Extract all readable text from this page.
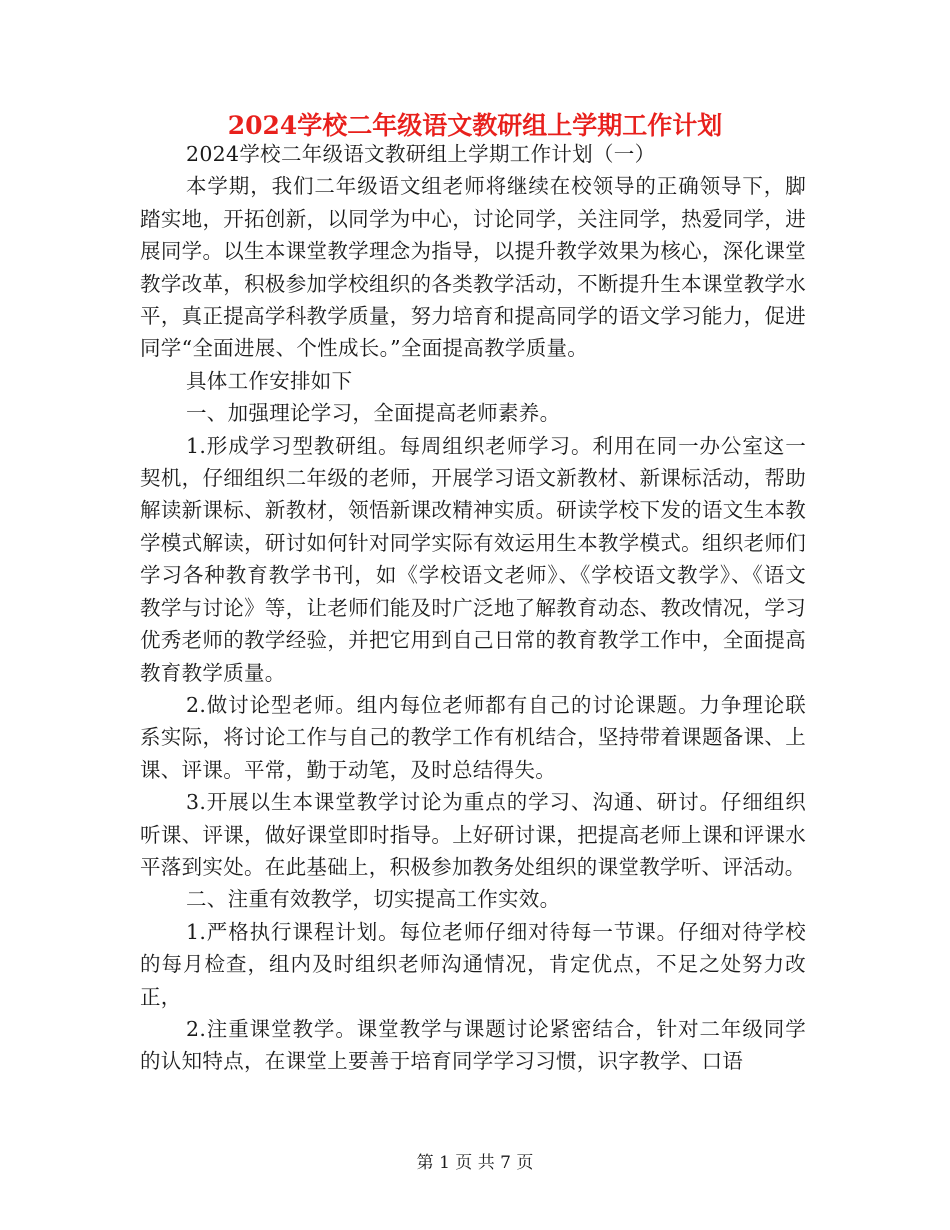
2024学校二年级语文教研组上学期工作计划

2024学校二年级语文教研组上学期工作计划（一）

本学期，我们二年级语文组老师将继续在校领导的正确领导下，脚踏实地，开拓创新，以同学为中心，讨论同学，关注同学，热爱同学，进展同学。以生本课堂教学理念为指导，以提升教学效果为核心，深化课堂教学改革，积极参加学校组织的各类教学活动，不断提升生本课堂教学水平，真正提高学科教学质量，努力培育和提高同学的语文学习能力，促进同学“全面进展、个性成长。”全面提高教学质量。

具体工作安排如下

一、加强理论学习，全面提高老师素养。

1.形成学习型教研组。每周组织老师学习。利用在同一办公室这一契机，仔细组织二年级的老师，开展学习语文新教材、新课标活动，帮助解读新课标、新教材，领悟新课改精神实质。研读学校下发的语文生本教学模式解读，研讨如何针对同学实际有效运用生本教学模式。组织老师们学习各种教育教学书刊，如《学校语文老师》、《学校语文教学》、《语文教学与讨论》等，让老师们能及时广泛地了解教育动态、教改情况，学习优秀老师的教学经验，并把它用到自己日常的教育教学工作中，全面提高教育教学质量。

2.做讨论型老师。组内每位老师都有自己的讨论课题。力争理论联系实际，将讨论工作与自己的教学工作有机结合，坚持带着课题备课、上课、评课。平常，勤于动笔，及时总结得失。

3.开展以生本课堂教学讨论为重点的学习、沟通、研讨。仔细组织听课、评课，做好课堂即时指导。上好研讨课，把提高老师上课和评课水平落到实处。在此基础上，积极参加教务处组织的课堂教学听、评活动。

二、注重有效教学，切实提高工作实效。

1.严格执行课程计划。每位老师仔细对待每一节课。仔细对待学校的每月检查，组内及时组织老师沟通情况，肯定优点，不足之处努力改正，

2.注重课堂教学。课堂教学与课题讨论紧密结合，针对二年级同学的认知特点，在课堂上要善于培育同学学习习惯，识字教学、口语

第 1 页 共 7 页
